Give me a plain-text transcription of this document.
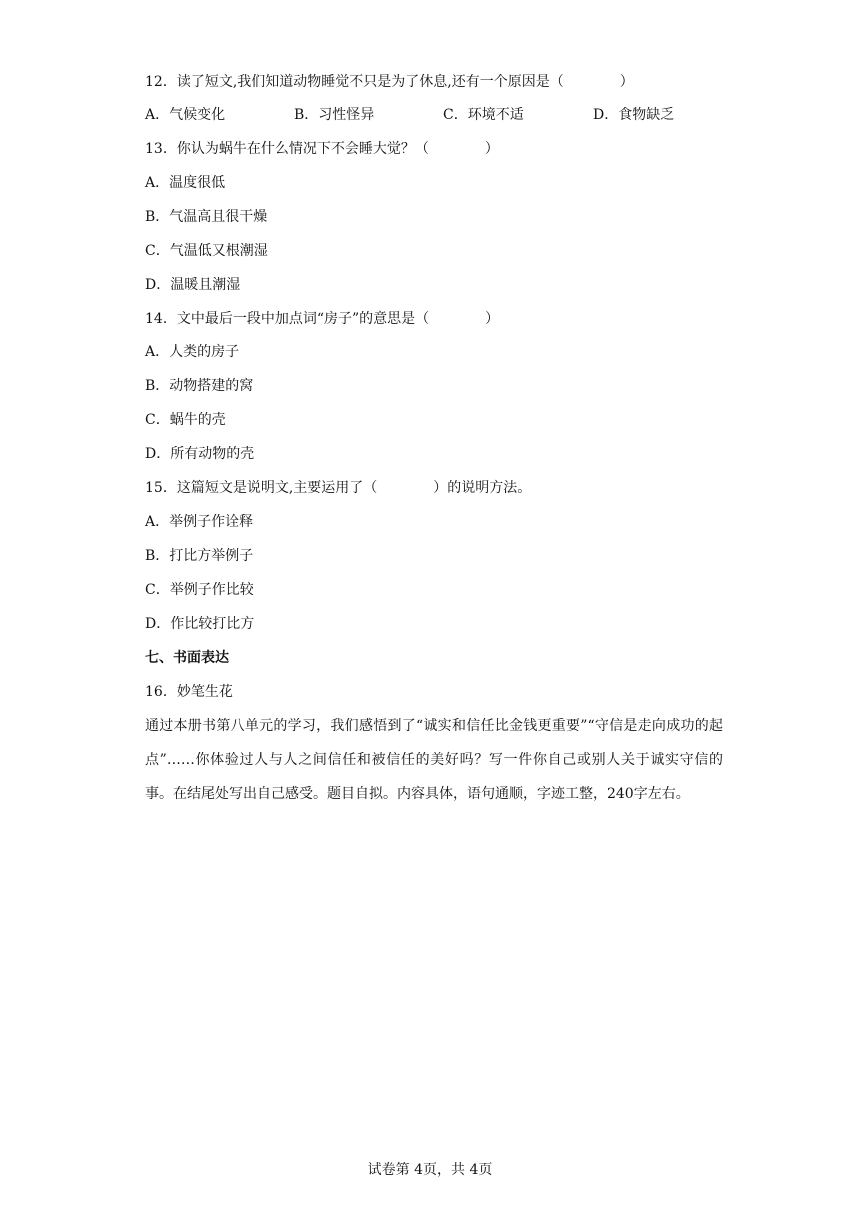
12．读了短文,我们知道动物睡觉不只是为了休息,还有一个原因是（　　　　）
A．气候变化	B．习性怪异	C．环境不适	D．食物缺乏
13．你认为蜗牛在什么情况下不会睡大觉？（　　　　）
A．温度很低
B．气温高且很干燥
C．气温低又根潮湿
D．温暖且潮湿
14．文中最后一段中加点词“房子”的意思是（　　　　）
A．人类的房子
B．动物搭建的窝
C．蜗牛的壳
D．所有动物的壳
15．这篇短文是说明文,主要运用了（　　　　）的说明方法。
A．举例子作诠释
B．打比方举例子
C．举例子作比较
D．作比较打比方
七、书面表达
16．妙笔生花
通过本册书第八单元的学习，我们感悟到了“诚实和信任比金钱更重要”“守信是走向成功的起点”……你体验过人与人之间信任和被信任的美好吗？写一件你自己或别人关于诚实守信的事。在结尾处写出自己感受。题目自拟。内容具体，语句通顺，字迹工整，240字左右。
试卷第 4页，共 4页
